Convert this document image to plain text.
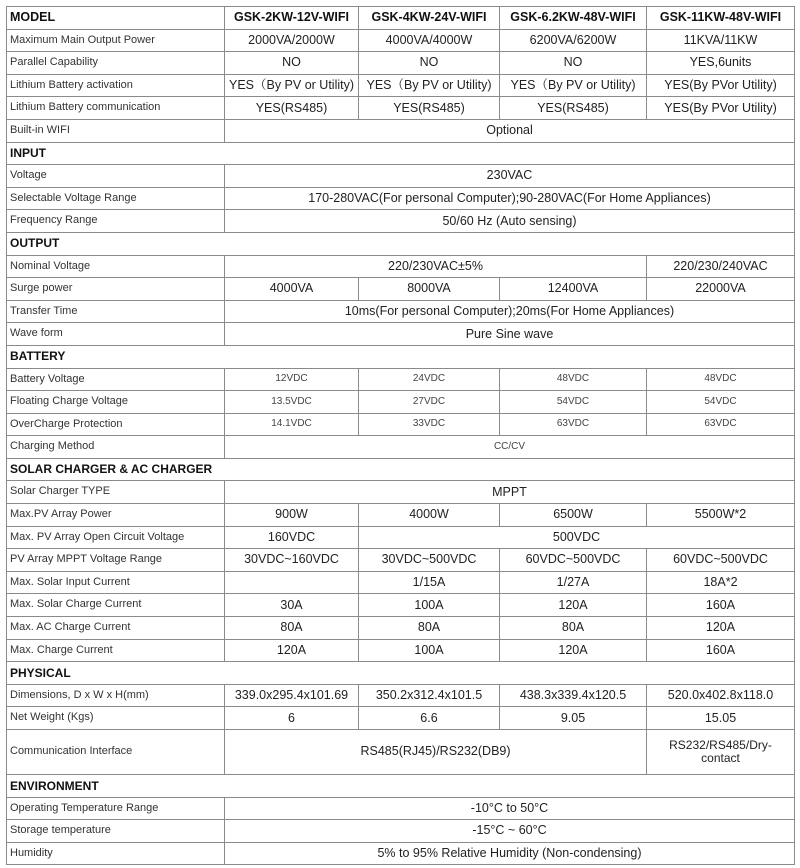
MODEL	GSK-2KW-12V-WIFI	GSK-4KW-24V-WIFI	GSK-6.2KW-48V-WIFI	GSK-11KW-48V-WIFI
Maximum Main Output Power	2000VA/2000W	4000VA/4000W	6200VA/6200W	11KVA/11KW
Parallel Capability	NO	NO	NO	YES,6units
Lithium Battery activation	YES（By PV or Utility)	YES（By PV or Utility)	YES（By PV or Utility)	YES(By PVor Utility)
Lithium Battery communication	YES(RS485)	YES(RS485)	YES(RS485)	YES(By PVor Utility)
Built-in WIFI	Optional			
INPUT				
Voltage	230VAC			
Selectable Voltage Range	170-280VAC(For personal Computer);90-280VAC(For Home Appliances)			
Frequency Range	50/60 Hz (Auto sensing)			
OUTPUT				
Nominal Voltage	220/230VAC±5%			220/230/240VAC
Surge power	4000VA	8000VA	12400VA	22000VA
Transfer Time	10ms(For personal Computer);20ms(For Home Appliances)			
Wave form	Pure Sine wave			
BATTERY				
Battery Voltage	12VDC	24VDC	48VDC	48VDC
Floating Charge Voltage	13.5VDC	27VDC	54VDC	54VDC
OverCharge Protection	14.1VDC	33VDC	63VDC	63VDC
Charging Method	CC/CV			
SOLAR CHARGER & AC CHARGER				
Solar Charger TYPE	MPPT			
Max.PV Array Power	900W	4000W	6500W	5500W*2
Max. PV Array Open Circuit Voltage	160VDC	500VDC		
PV Array MPPT Voltage Range	30VDC~160VDC	30VDC~500VDC	60VDC~500VDC	60VDC~500VDC
Max. Solar Input Current		1/15A	1/27A	18A*2
Max. Solar Charge Current	30A	100A	120A	160A
Max. AC Charge Current	80A	80A	80A	120A
Max. Charge Current	120A	100A	120A	160A
PHYSICAL				
Dimensions, D x W x H(mm)	339.0x295.4x101.69	350.2x312.4x101.5	438.3x339.4x120.5	520.0x402.8x118.0
Net Weight (Kgs)	6	6.6	9.05	15.05
Communication Interface	RS485(RJ45)/RS232(DB9)			RS232/RS485/Dry-contact
ENVIRONMENT				
Operating Temperature Range	-10°C to 50°C			
Storage temperature	-15°C ~ 60°C			
Humidity	5% to 95% Relative Humidity (Non-condensing)			
